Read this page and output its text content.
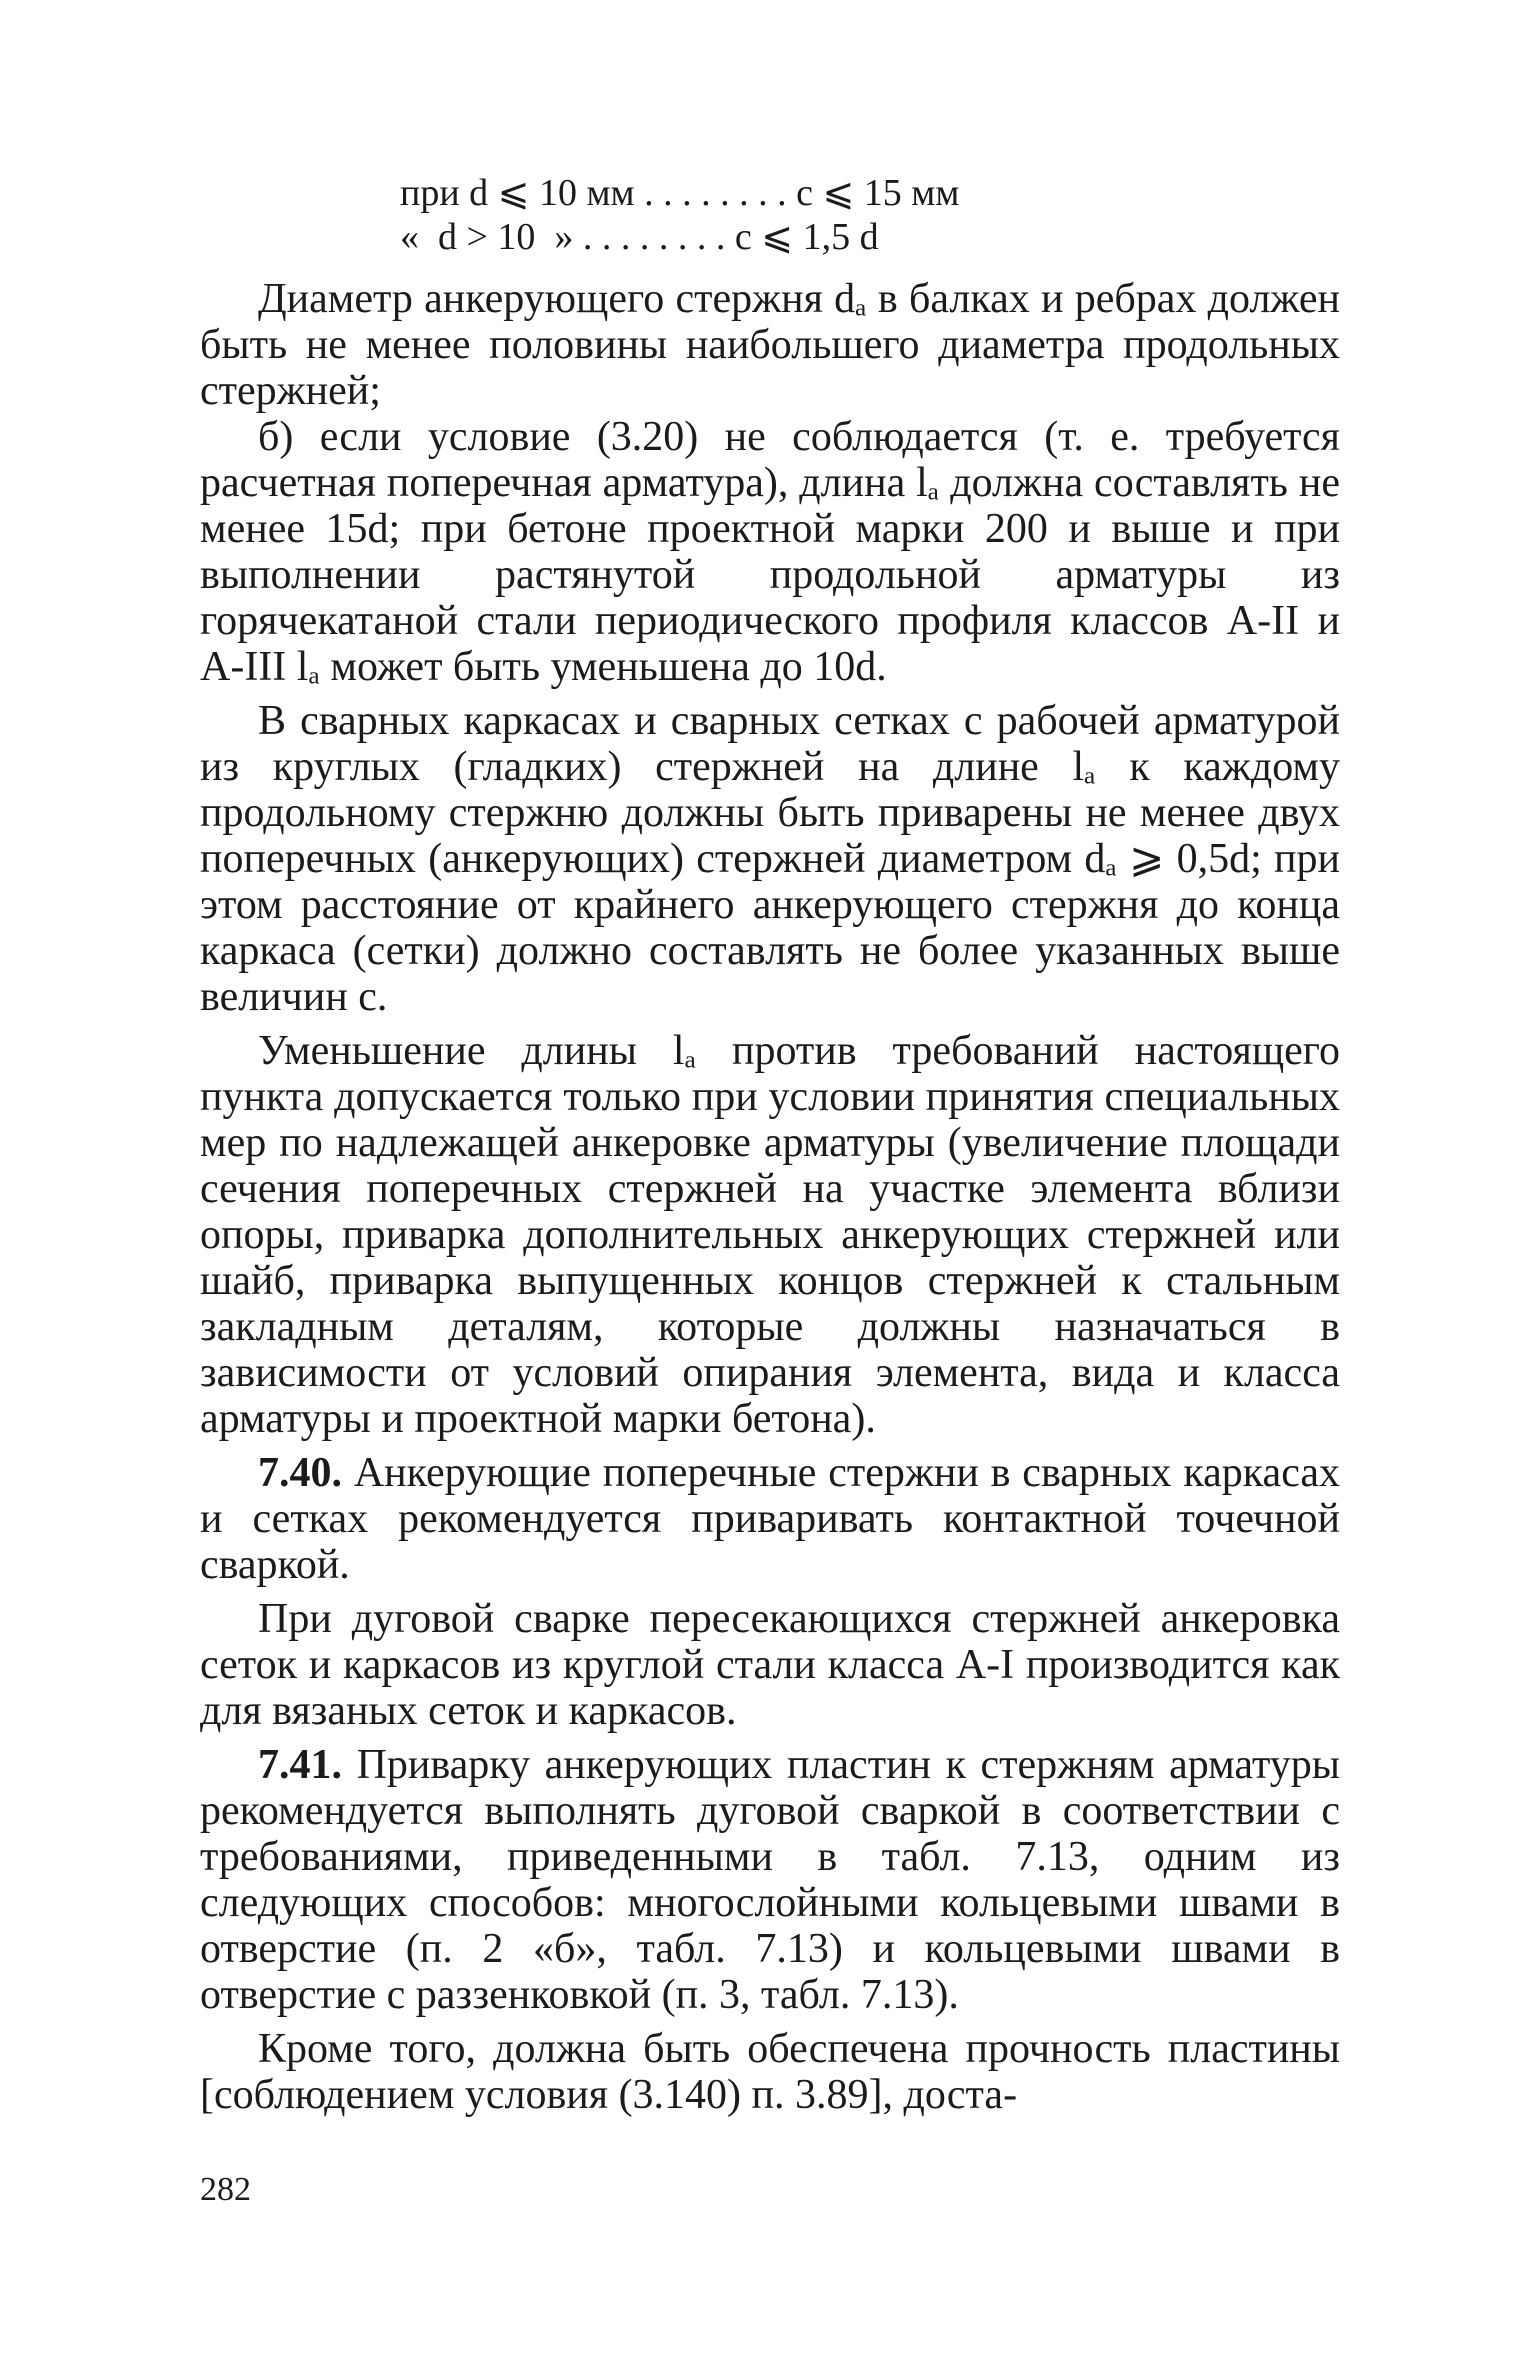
при d ⩽ 10 мм . . . . . . . . c ⩽ 15 мм
«  d > 10  » . . . . . . . . c ⩽ 1,5 d

Диаметр анкерующего стержня dₐ в балках и ребрах должен быть не менее половины наибольшего диаметра продольных стержней;

б) если условие (3.20) не соблюдается (т. е. требуется расчетная поперечная арматура), длина lₐ должна составлять не менее 15d; при бетоне проектной марки 200 и выше и при выполнении растянутой продольной арматуры из горячекатаной стали периодического профиля классов А-II и А-III lₐ может быть уменьшена до 10d.

В сварных каркасах и сварных сетках с рабочей арматурой из круглых (гладких) стержней на длине lₐ к каждому продольному стержню должны быть приварены не менее двух поперечных (анкерующих) стержней диаметром dₐ ⩾ 0,5d; при этом расстояние от крайнего анкерующего стержня до конца каркаса (сетки) должно составлять не более указанных выше величин c.

Уменьшение длины lₐ против требований настоящего пункта допускается только при условии принятия специальных мер по надлежащей анкеровке арматуры (увеличение площади сечения поперечных стержней на участке элемента вблизи опоры, приварка дополнительных анкерующих стержней или шайб, приварка выпущенных концов стержней к стальным закладным деталям, которые должны назначаться в зависимости от условий опирания элемента, вида и класса арматуры и проектной марки бетона).

7.40. Анкерующие поперечные стержни в сварных каркасах и сетках рекомендуется приваривать контактной точечной сваркой.

При дуговой сварке пересекающихся стержней анкеровка сеток и каркасов из круглой стали класса А-I производится как для вязаных сеток и каркасов.

7.41. Приварку анкерующих пластин к стержням арматуры рекомендуется выполнять дуговой сваркой в соответствии с требованиями, приведенными в табл. 7.13, одним из следующих способов: многослойными кольцевыми швами в отверстие (п. 2 «б», табл. 7.13) и кольцевыми швами в отверстие с раззенковкой (п. 3, табл. 7.13).

Кроме того, должна быть обеспечена прочность пластины [соблюдением условия (3.140) п. 3.89], доста-

282
